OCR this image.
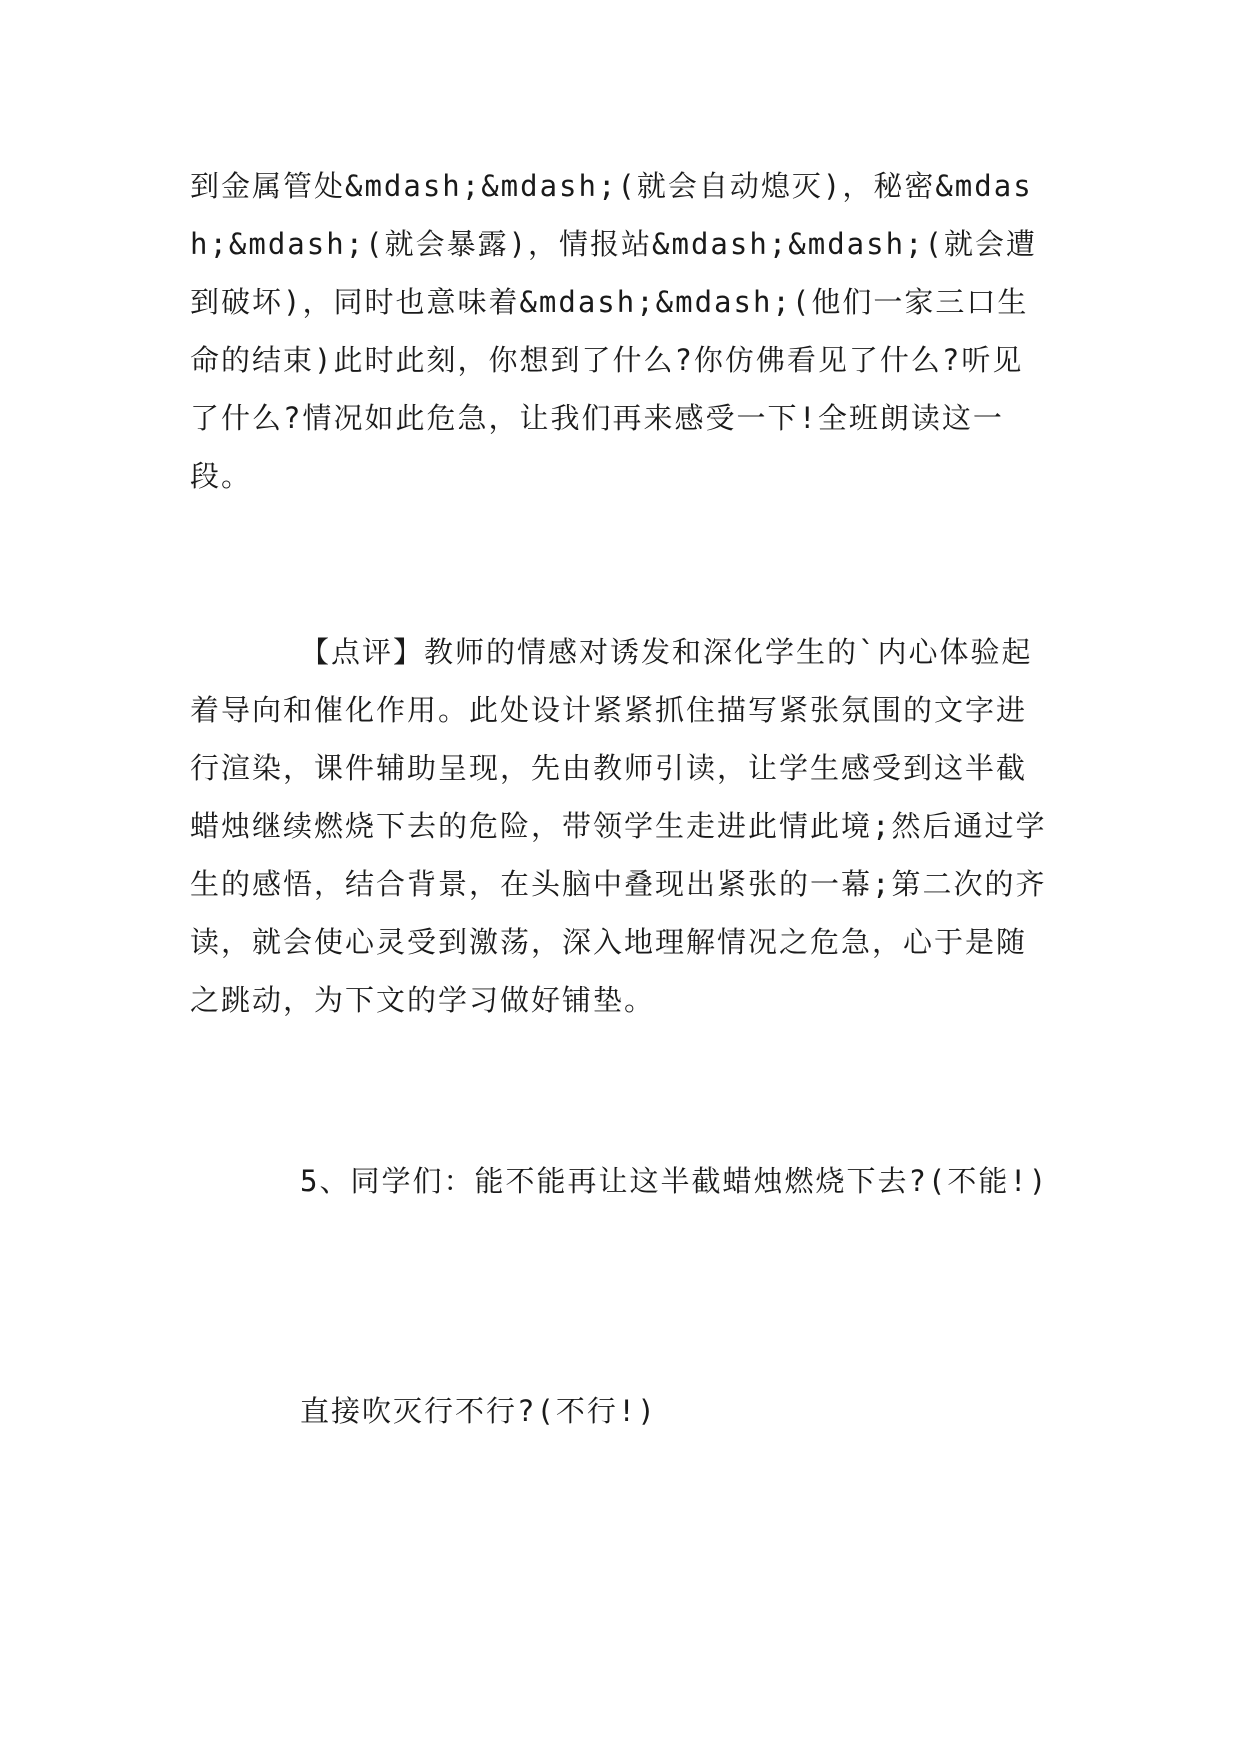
到金属管处&mdash;&mdash;(就会自动熄灭)，秘密&mdash;&mdash;(就会暴露)，情报站&mdash;&mdash;(就会遭到破坏)，同时也意味着&mdash;&mdash;(他们一家三口生命的结束)此时此刻，你想到了什么?你仿佛看见了什么?听见了什么?情况如此危急，让我们再来感受一下!全班朗读这一段。

【点评】教师的情感对诱发和深化学生的`内心体验起着导向和催化作用。此处设计紧紧抓住描写紧张氛围的文字进行渲染，课件辅助呈现，先由教师引读，让学生感受到这半截蜡烛继续燃烧下去的危险，带领学生走进此情此境;然后通过学生的感悟，结合背景，在头脑中叠现出紧张的一幕;第二次的齐读，就会使心灵受到激荡，深入地理解情况之危急，心于是随之跳动，为下文的学习做好铺垫。

5、同学们：能不能再让这半截蜡烛燃烧下去?(不能!)

直接吹灭行不行?(不行!)
